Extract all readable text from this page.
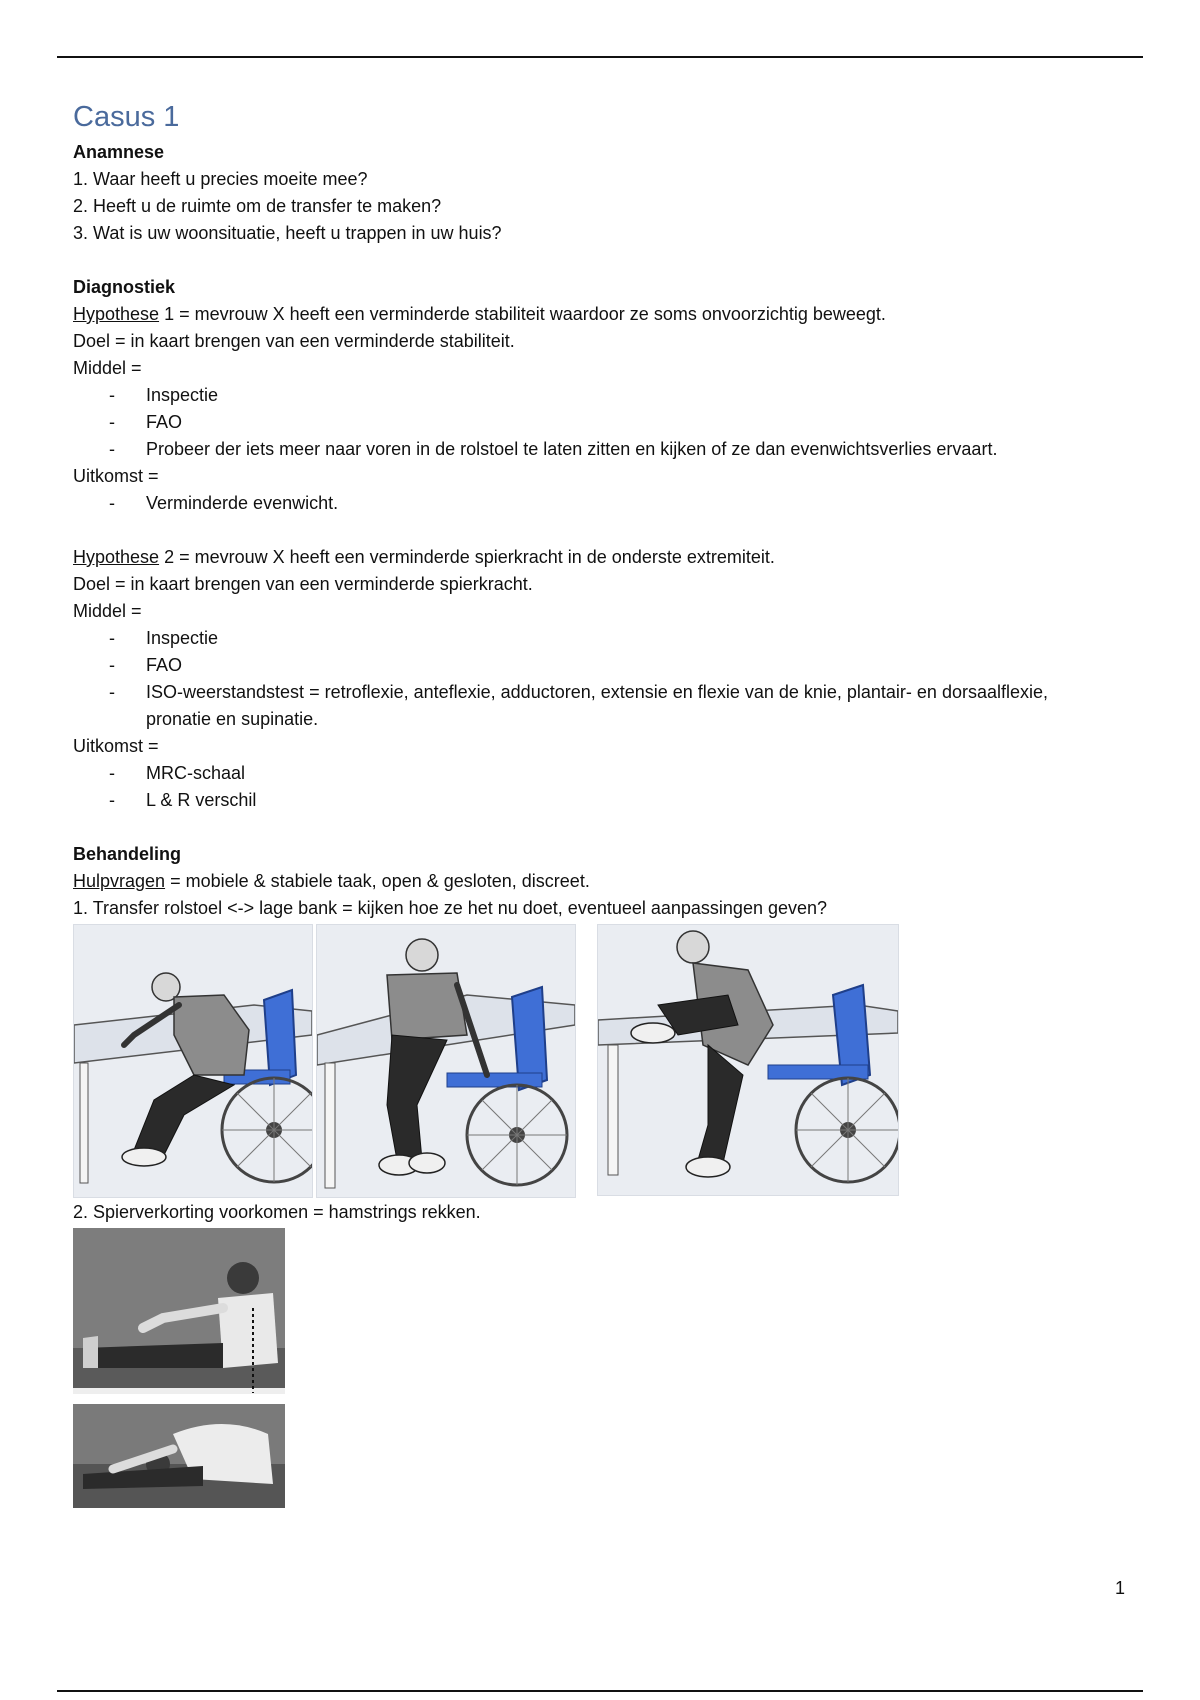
Casus 1
Anamnese
1. Waar heeft u precies moeite mee?
2. Heeft u de ruimte om de transfer te maken?
3. Wat is uw woonsituatie, heeft u trappen in uw huis?
Diagnostiek
Hypothese 1 = mevrouw X heeft een verminderde stabiliteit waardoor ze soms onvoorzichtig beweegt.
Doel = in kaart brengen van een verminderde stabiliteit.
Middel =
- Inspectie
- FAO
- Probeer der iets meer naar voren in de rolstoel te laten zitten en kijken of ze dan evenwichtsverlies ervaart.
Uitkomst =
- Verminderde evenwicht.
Hypothese 2 = mevrouw X heeft een verminderde spierkracht in de onderste extremiteit.
Doel = in kaart brengen van een verminderde spierkracht.
Middel =
- Inspectie
- FAO
- ISO-weerstandstest = retroflexie, anteflexie, adductoren, extensie en flexie van de knie, plantair- en dorsaalflexie, pronatie en supinatie.
Uitkomst =
- MRC-schaal
- L & R verschil
Behandeling
Hulpvragen = mobiele & stabiele taak, open & gesloten, discreet.
1. Transfer rolstoel <-> lage bank = kijken hoe ze het nu doet, eventueel aanpassingen geven?
2. Spierverkorting voorkomen = hamstrings rekken.
1
